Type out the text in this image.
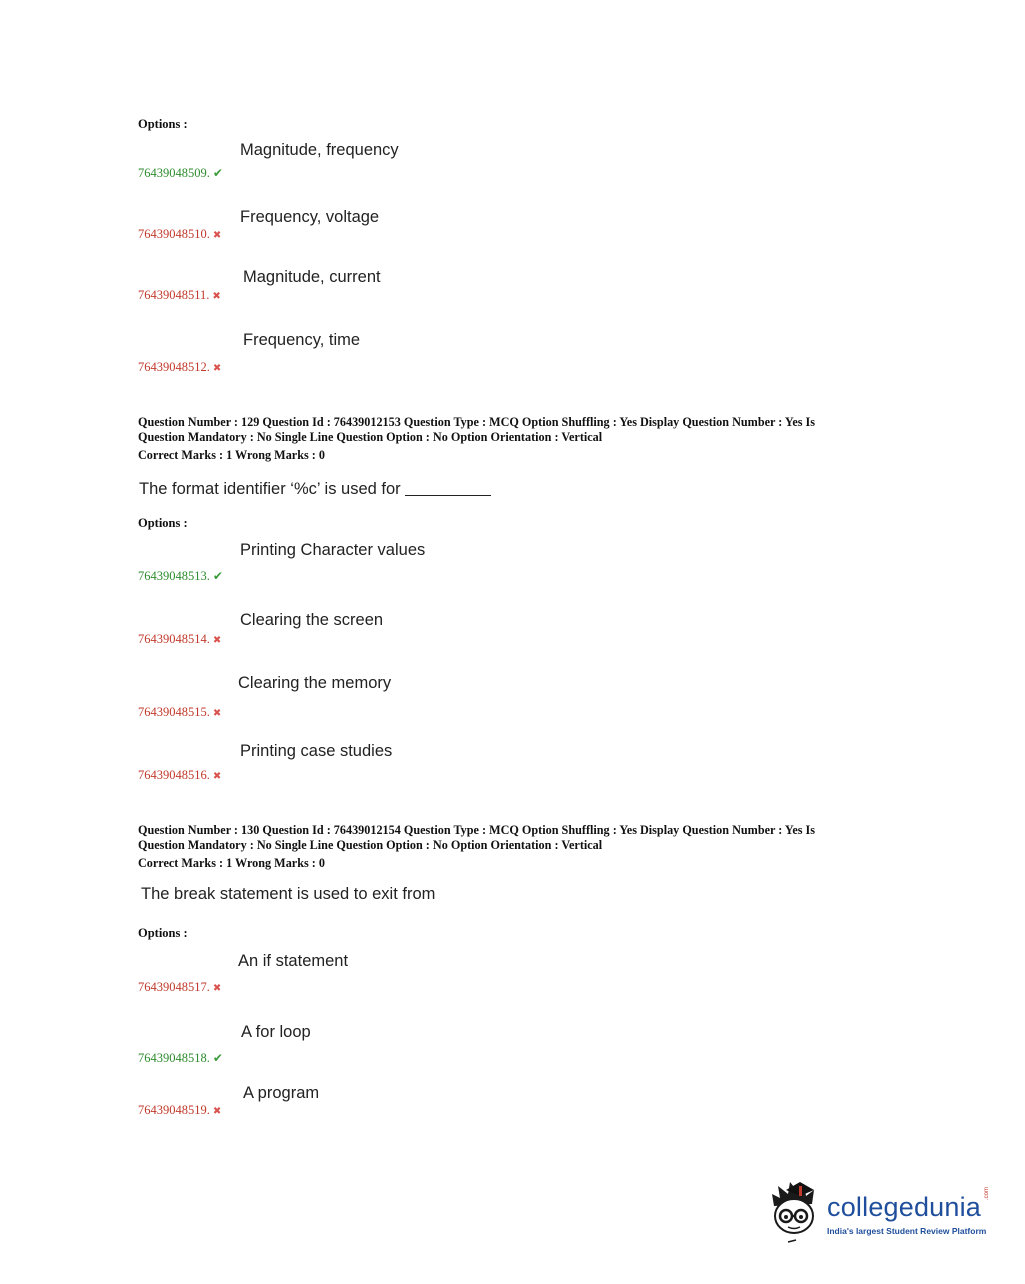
Options :
Magnitude, frequency
76439048509. ✔
Frequency, voltage
76439048510. ✖
Magnitude, current
76439048511. ✖
Frequency, time
76439048512. ✖
Question Number : 129 Question Id : 76439012153 Question Type : MCQ Option Shuffling : Yes Display Question Number : Yes Is
Question Mandatory : No Single Line Question Option : No Option Orientation : Vertical
Correct Marks : 1 Wrong Marks : 0
The format identifier ‘%c’ is used for
Options :
Printing Character values
76439048513. ✔
Clearing the screen
76439048514. ✖
Clearing the memory
76439048515. ✖
Printing case studies
76439048516. ✖
Question Number : 130 Question Id : 76439012154 Question Type : MCQ Option Shuffling : Yes Display Question Number : Yes Is
Question Mandatory : No Single Line Question Option : No Option Orientation : Vertical
Correct Marks : 1 Wrong Marks : 0
The break statement is used to exit from
Options :
An if statement
76439048517. ✖
A for loop
76439048518. ✔
A program
76439048519. ✖
collegedunia .com
India's largest Student Review Platform
